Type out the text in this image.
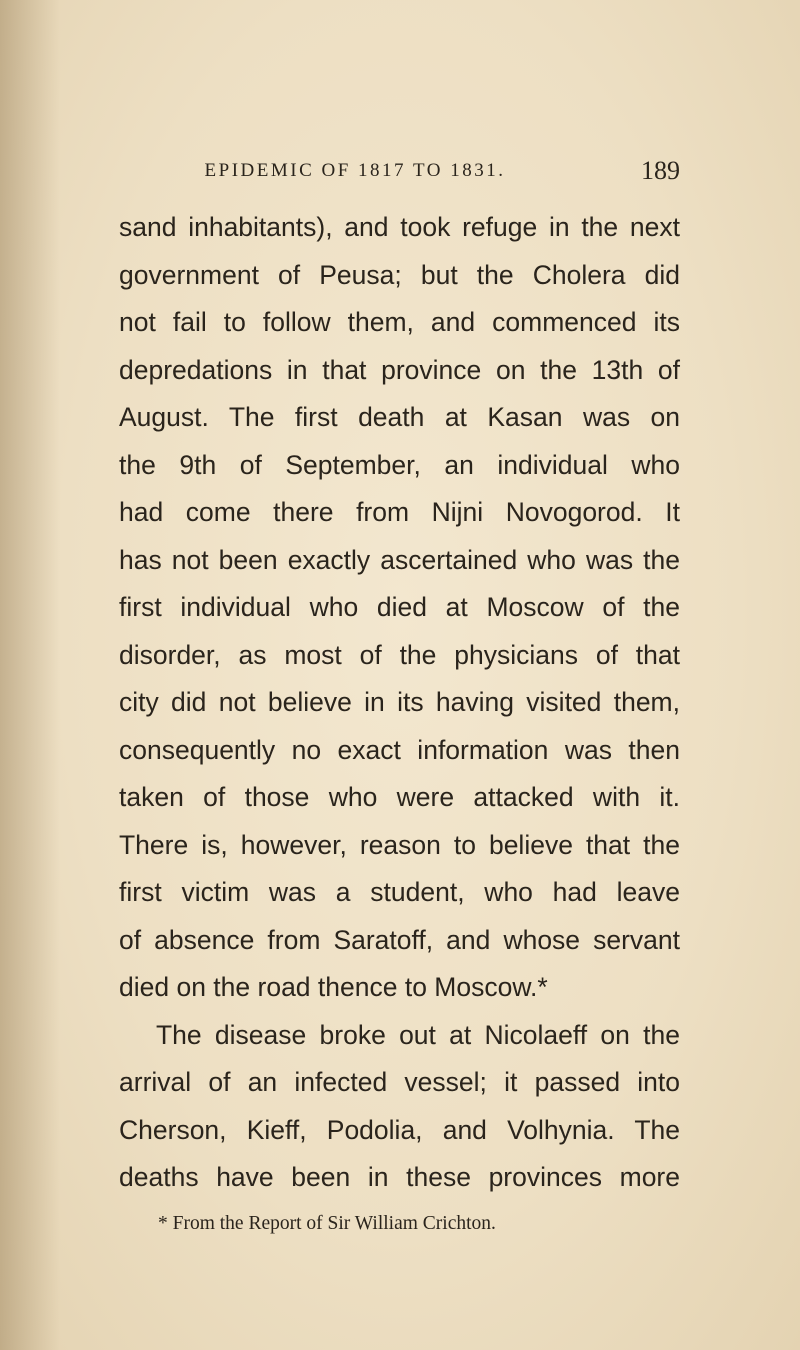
EPIDEMIC OF 1817 TO 1831.	189
sand inhabitants), and took refuge in the next
government of Peusa; but the Cholera did
not fail to follow them, and commenced its
depredations in that province on the 13th of
August. The first death at Kasan was on
the 9th of September, an individual who
had come there from Nijni Novogorod. It
has not been exactly ascertained who was the
first individual who died at Moscow of the
disorder, as most of the physicians of that
city did not believe in its having visited them,
consequently no exact information was then
taken of those who were attacked with it.
There is, however, reason to believe that the
first victim was a student, who had leave
of absence from Saratoff, and whose servant
died on the road thence to Moscow.*
The disease broke out at Nicolaeff on the
arrival of an infected vessel; it passed into
Cherson, Kieff, Podolia, and Volhynia. The
deaths have been in these provinces more
* From the Report of Sir William Crichton.
